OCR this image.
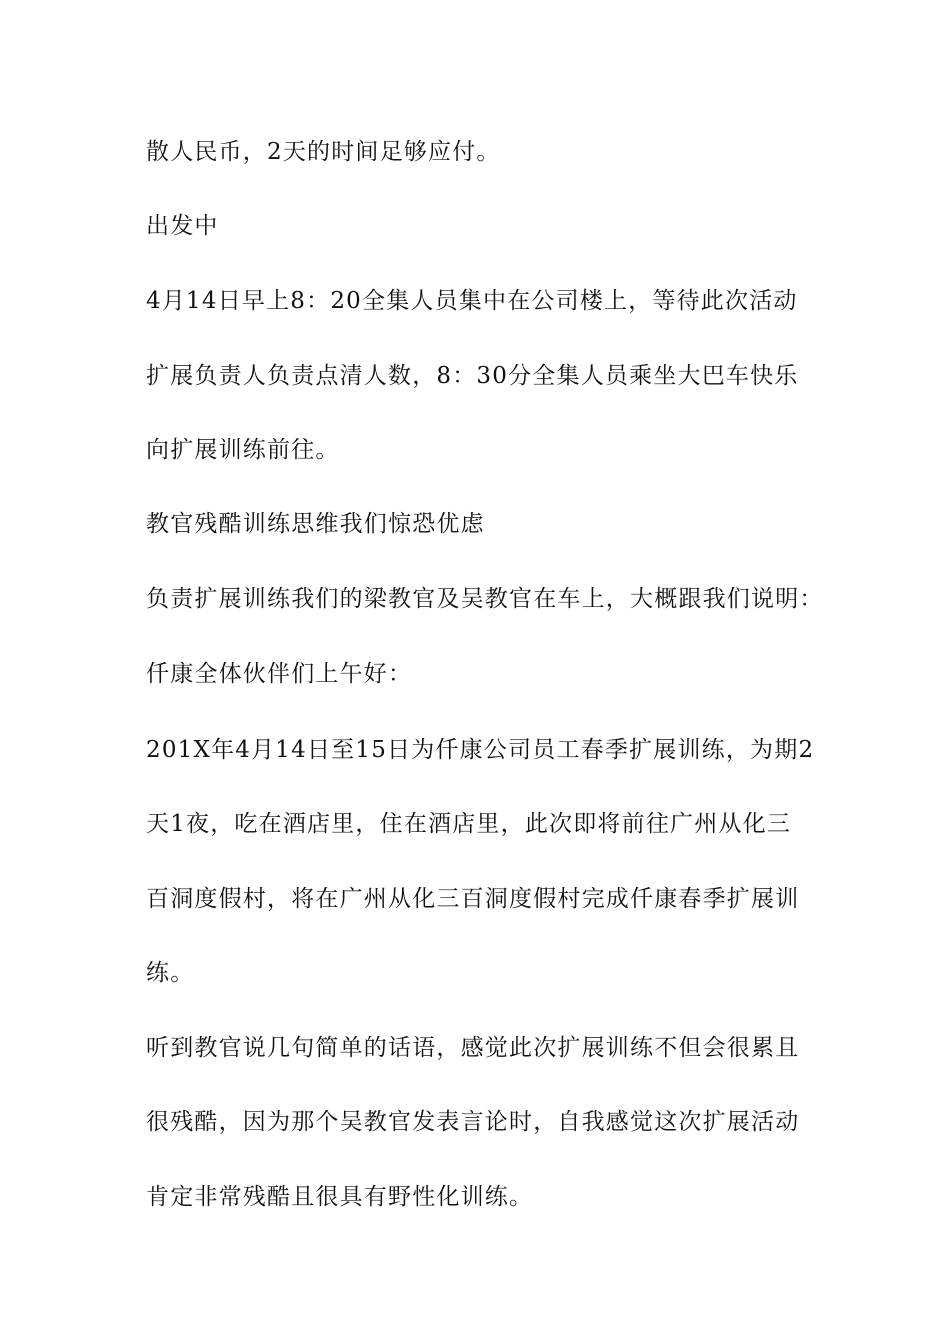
散人民币，2天的时间足够应付。
出发中
4月14日早上8：20全集人员集中在公司楼上，等待此次活动
扩展负责人负责点清人数，8：30分全集人员乘坐大巴车快乐
向扩展训练前往。
教官残酷训练思维我们惊恐优虑
负责扩展训练我们的梁教官及吴教官在车上，大概跟我们说明：
仟康全体伙伴们上午好：
201X年4月14日至15日为仟康公司员工春季扩展训练，为期2
天1夜，吃在酒店里，住在酒店里，此次即将前往广州从化三
百洞度假村，将在广州从化三百洞度假村完成仟康春季扩展训
练。
听到教官说几句简单的话语，感觉此次扩展训练不但会很累且
很残酷，因为那个吴教官发表言论时，自我感觉这次扩展活动
肯定非常残酷且很具有野性化训练。
